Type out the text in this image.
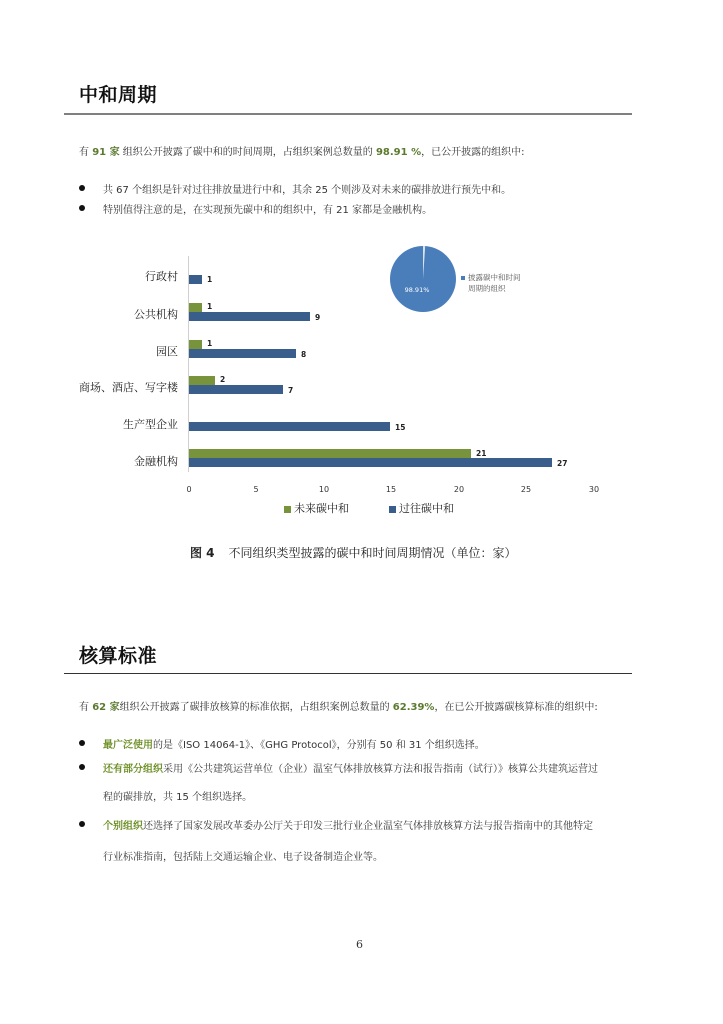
中和周期
有 91 家 组织公开披露了碳中和的时间周期，占组织案例总数量的 98.91 %，已公开披露的组织中:
共 67 个组织是针对过往排放量进行中和，其余 25 个则涉及对未来的碳排放进行预先中和。
特别值得注意的是，在实现预先碳中和的组织中，有 21 家都是金融机构。
行政村
公共机构
园区
商场、酒店、写字楼
生产型企业
金融机构
1
1
9
1
8
2
7
15
21
27
0	5	10	15	20	25	30
未来碳中和	过往碳中和
98.91%
披露碳中和时间
周期的组织
图 4 不同组织类型披露的碳中和时间周期情况（单位：家）
核算标准
有 62 家组织公开披露了碳排放核算的标准依据，占组织案例总数量的 62.39%，在已公开披露碳核算标准的组织中:
最广泛使用的是《ISO 14064-1》、《GHG Protocol》，分别有 50 和 31 个组织选择。
还有部分组织采用《公共建筑运营单位（企业）温室气体排放核算方法和报告指南（试行）》核算公共建筑运营过
程的碳排放，共 15 个组织选择。
个别组织还选择了国家发展改革委办公厅关于印发三批行业企业温室气体排放核算方法与报告指南中的其他特定
行业标准指南，包括陆上交通运输企业、电子设备制造企业等。
6
